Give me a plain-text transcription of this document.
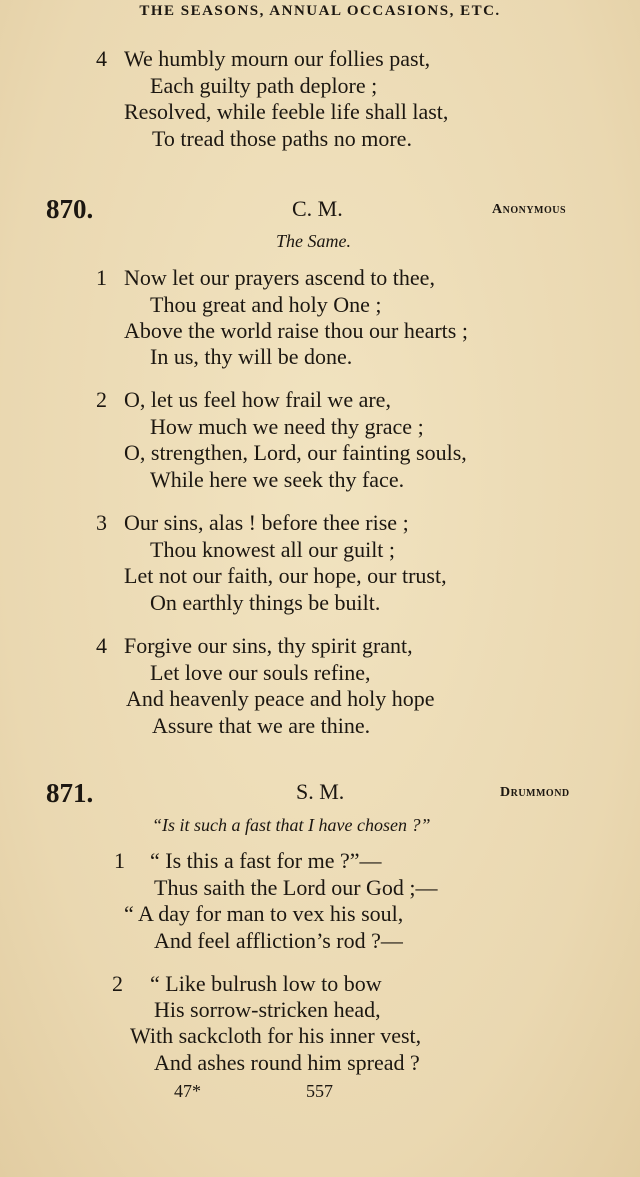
THE SEASONS, ANNUAL OCCASIONS, ETC.
4 We humbly mourn our follies past,
Each guilty path deplore ;
Resolved, while feeble life shall last,
To tread those paths no more.
870.	C. M.	Anonymous
The Same.
1 Now let our prayers ascend to thee,
Thou great and holy One ;
Above the world raise thou our hearts ;
In us, thy will be done.
2 O, let us feel how frail we are,
How much we need thy grace ;
O, strengthen, Lord, our fainting souls,
While here we seek thy face.
3 Our sins, alas ! before thee rise ;
Thou knowest all our guilt ;
Let not our faith, our hope, our trust,
On earthly things be built.
4 Forgive our sins, thy spirit grant,
Let love our souls refine,
And heavenly peace and holy hope
Assure that we are thine.
871.	S. M.	Drummond
“Is it such a fast that I have chosen ?”
1 “ Is this a fast for me ?”—
Thus saith the Lord our God ;—
“ A day for man to vex his soul,
And feel affliction’s rod ?—
2 “ Like bulrush low to bow
His sorrow-stricken head,
With sackcloth for his inner vest,
And ashes round him spread ?
47*	557
